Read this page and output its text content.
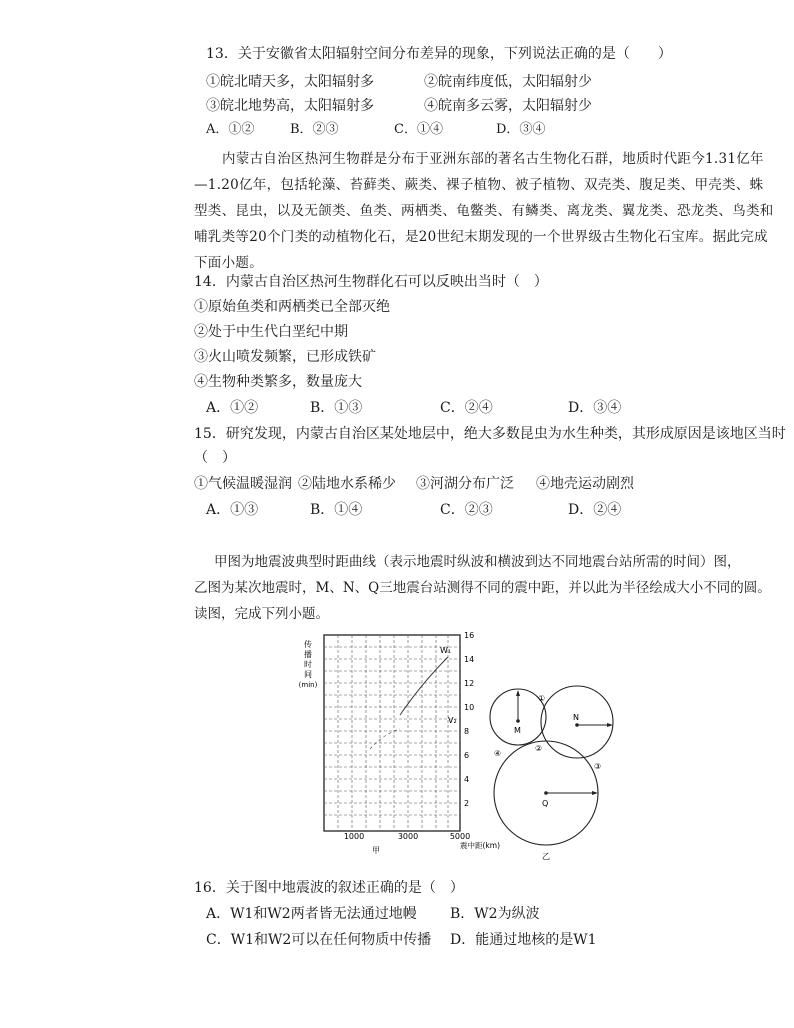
13．关于安徽省太阳辐射空间分布差异的现象，下列说法正确的是（　　）
①皖北晴天多，太阳辐射多	②皖南纬度低，太阳辐射少
③皖北地势高，太阳辐射多	④皖南多云雾，太阳辐射少
A．①②	B．②③	C．①④	D．③④
内蒙古自治区热河生物群是分布于亚洲东部的著名古生物化石群，地质时代距今1.31亿年—1.20亿年，包括轮藻、苔藓类、蕨类、裸子植物、被子植物、双壳类、腹足类、甲壳类、蛛型类、昆虫，以及无颌类、鱼类、两栖类、龟鳖类、有鳞类、离龙类、翼龙类、恐龙类、鸟类和哺乳类等20个门类的动植物化石，是20世纪末期发现的一个世界级古生物化石宝库。据此完成下面小题。
14．内蒙古自治区热河生物群化石可以反映出当时（　）
①原始鱼类和两栖类已全部灭绝
②处于中生代白垩纪中期
③火山喷发频繁，已形成铁矿
④生物种类繁多，数量庞大
A．①②	B．①③	C．②④	D．③④
15．研究发现，内蒙古自治区某处地层中，绝大多数昆虫为水生种类，其形成原因是该地区当时
（　）
①气候温暖湿润 ②陆地水系稀少 ③河湖分布广泛 ④地壳运动剧烈
A．①③	B．①④	C．②③	D．②④
甲图为地震波典型时距曲线（表示地震时纵波和横波到达不同地震台站所需的时间）图，
乙图为某次地震时，M、N、Q三地震台站测得不同的震中距，并以此为半径绘成大小不同的圆。
读图，完成下列小题。
传
播
时
间
(min)
W₁
V₂
16
14
12
10
8
6
4
2
1000	3000	5000
震中距(km)
甲
M
N
Q
①
②
③
④
乙
16．关于图中地震波的叙述正确的是（　）
A．W1和W2两者皆无法通过地幔 B．W2为纵波
C．W1和W2可以在任何物质中传播 D．能通过地核的是W1
